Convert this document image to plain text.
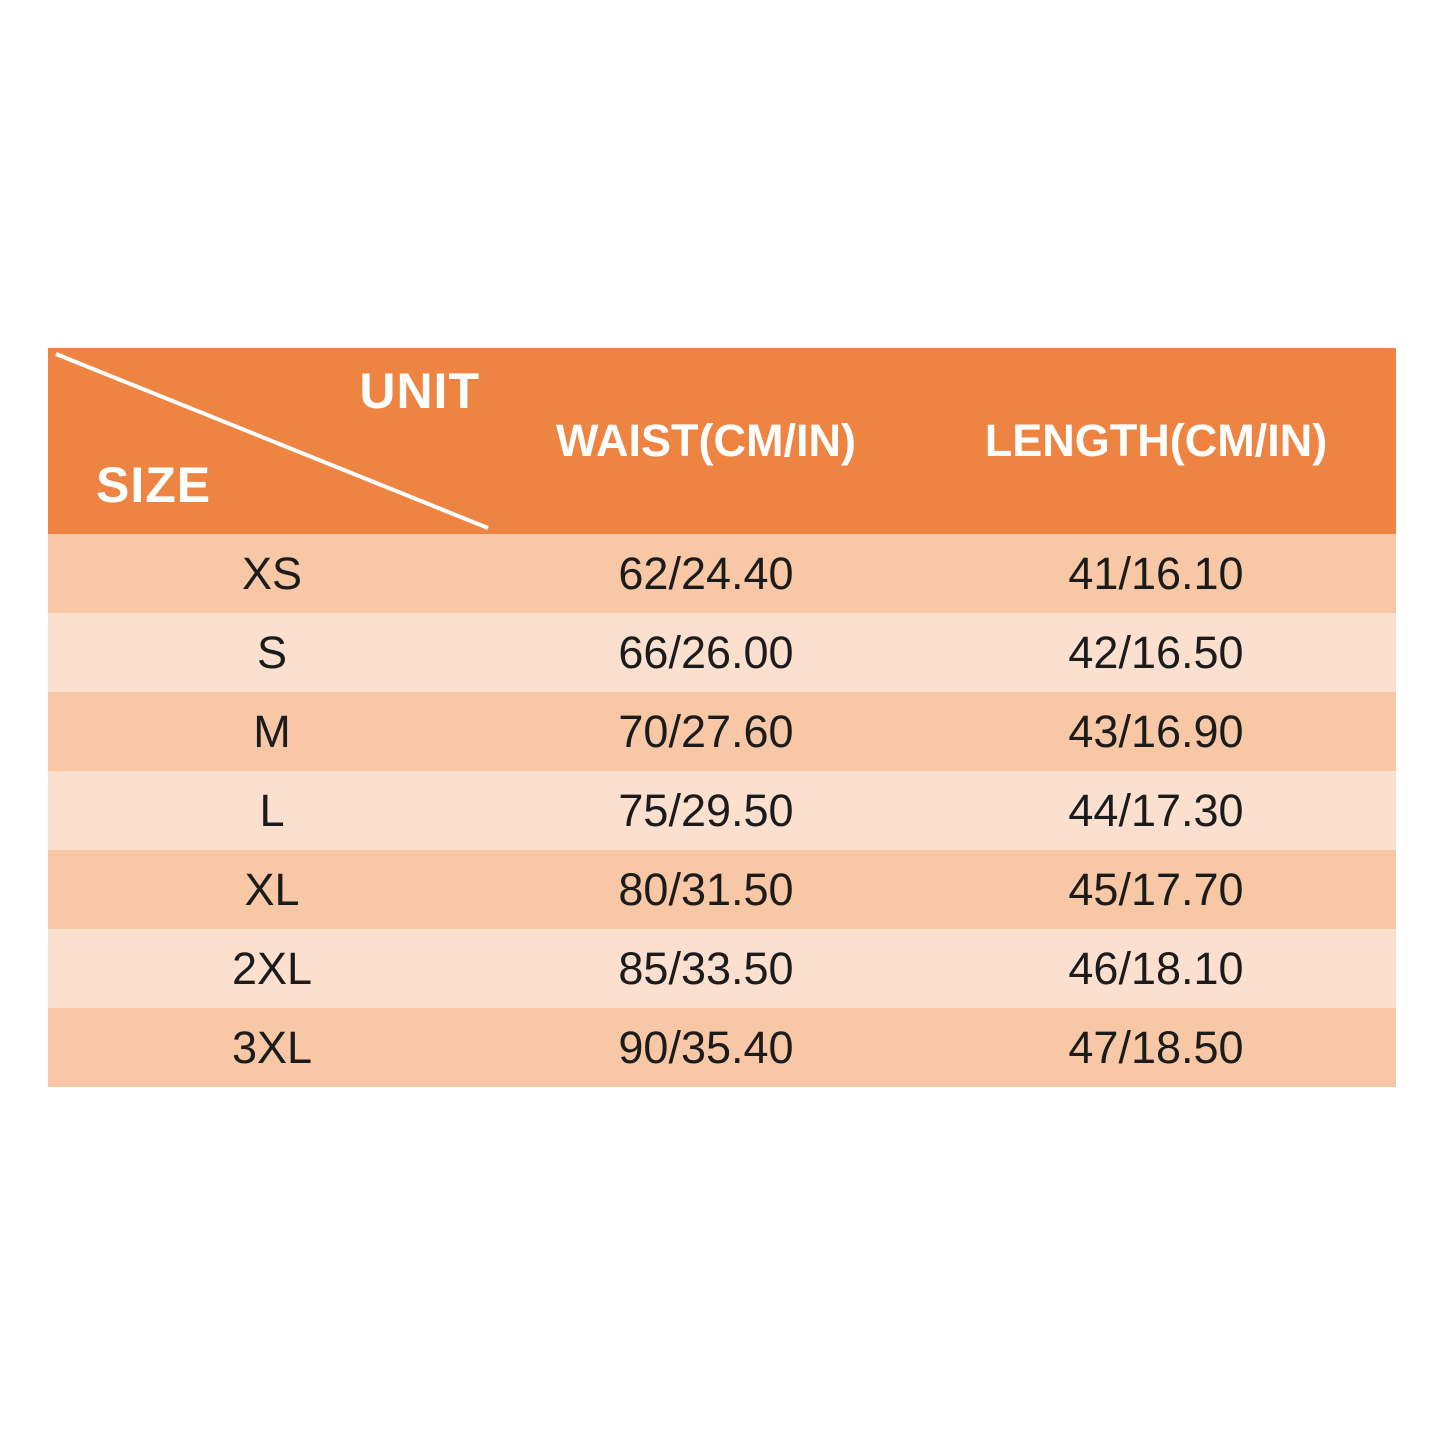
UNIT
SIZE	WAIST(CM/IN)	LENGTH(CM/IN)
XS	62/24.40	41/16.10
S	66/26.00	42/16.50
M	70/27.60	43/16.90
L	75/29.50	44/17.30
XL	80/31.50	45/17.70
2XL	85/33.50	46/18.10
3XL	90/35.40	47/18.50
